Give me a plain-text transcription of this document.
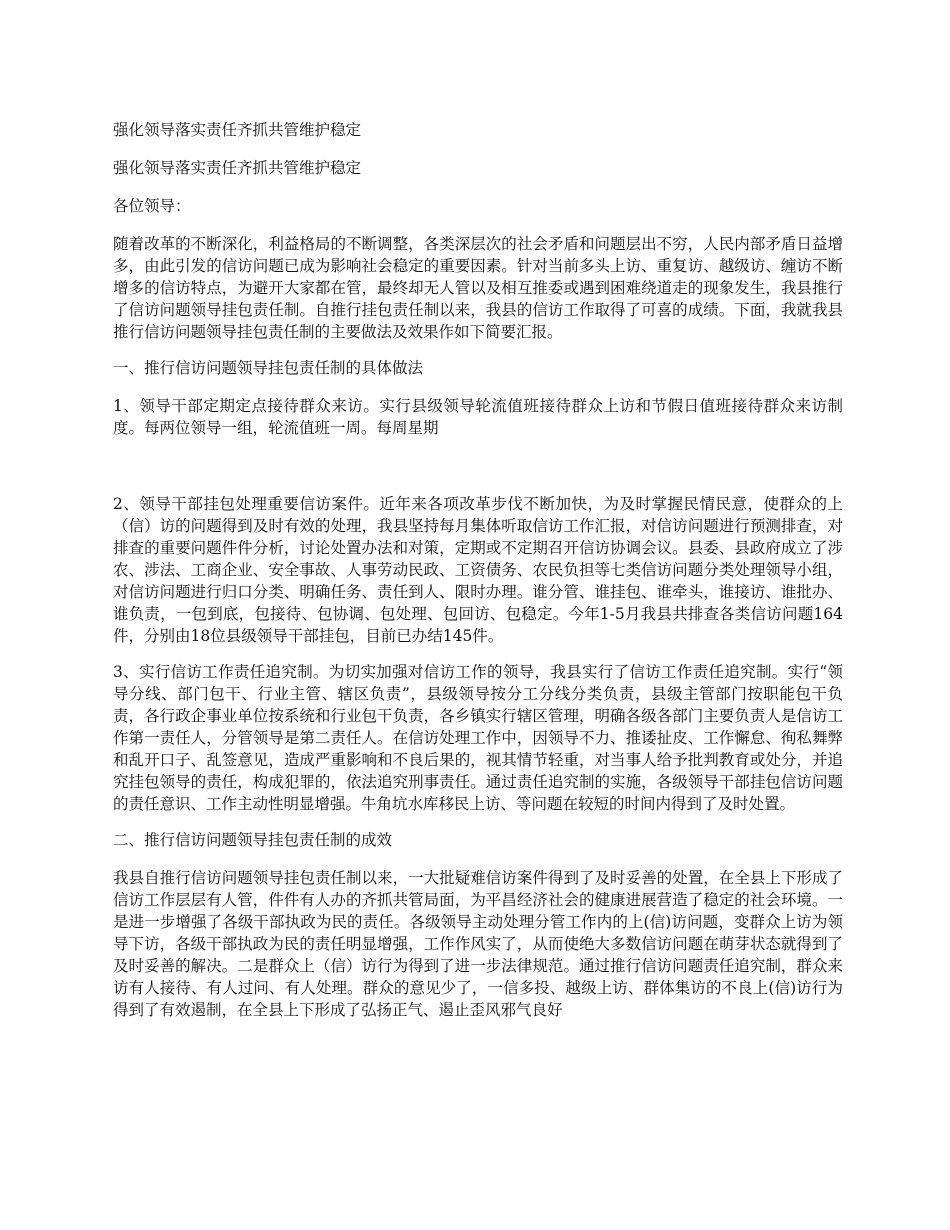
强化领导落实责任齐抓共管维护稳定

强化领导落实责任齐抓共管维护稳定

各位领导：

随着改革的不断深化，利益格局的不断调整，各类深层次的社会矛盾和问题层出不穷，人民内部矛盾日益增多，由此引发的信访问题已成为影响社会稳定的重要因素。针对当前多头上访、重复访、越级访、缠访不断增多的信访特点，为避开大家都在管，最终却无人管以及相互推委或遇到困难绕道走的现象发生，我县推行了信访问题领导挂包责任制。自推行挂包责任制以来，我县的信访工作取得了可喜的成绩。下面，我就我县推行信访问题领导挂包责任制的主要做法及效果作如下简要汇报。

一、推行信访问题领导挂包责任制的具体做法

1、领导干部定期定点接待群众来访。实行县级领导轮流值班接待群众上访和节假日值班接待群众来访制度。每两位领导一组，轮流值班一周。每周星期

2、领导干部挂包处理重要信访案件。近年来各项改革步伐不断加快，为及时掌握民情民意，使群众的上（信）访的问题得到及时有效的处理，我县坚持每月集体听取信访工作汇报，对信访问题进行预测排查，对排查的重要问题件件分析，讨论处置办法和对策，定期或不定期召开信访协调会议。县委、县政府成立了涉农、涉法、工商企业、安全事故、人事劳动民政、工资债务、农民负担等七类信访问题分类处理领导小组，对信访问题进行归口分类、明确任务、责任到人、限时办理。谁分管、谁挂包、谁牵头，谁接访、谁批办、谁负责，一包到底，包接待、包协调、包处理、包回访、包稳定。今年1-5月我县共排查各类信访问题164件，分别由18位县级领导干部挂包，目前已办结145件。

3、实行信访工作责任追究制。为切实加强对信访工作的领导，我县实行了信访工作责任追究制。实行“领导分线、部门包干、行业主管、辖区负责”，县级领导按分工分线分类负责，县级主管部门按职能包干负责，各行政企事业单位按系统和行业包干负责，各乡镇实行辖区管理，明确各级各部门主要负责人是信访工作第一责任人，分管领导是第二责任人。在信访处理工作中，因领导不力、推诿扯皮、工作懈怠、徇私舞弊和乱开口子、乱签意见，造成严重影响和不良后果的，视其情节轻重，对当事人给予批判教育或处分，并追究挂包领导的责任，构成犯罪的，依法追究刑事责任。通过责任追究制的实施，各级领导干部挂包信访问题的责任意识、工作主动性明显增强。牛角坑水库移民上访、等问题在较短的时间内得到了及时处置。

二、推行信访问题领导挂包责任制的成效

我县自推行信访问题领导挂包责任制以来，一大批疑难信访案件得到了及时妥善的处置，在全县上下形成了信访工作层层有人管，件件有人办的齐抓共管局面，为平昌经济社会的健康进展营造了稳定的社会环境。一是进一步增强了各级干部执政为民的责任。各级领导主动处理分管工作内的上(信)访问题，变群众上访为领导下访，各级干部执政为民的责任明显增强，工作作风实了，从而使绝大多数信访问题在萌芽状态就得到了及时妥善的解决。二是群众上（信）访行为得到了进一步法律规范。通过推行信访问题责任追究制，群众来访有人接待、有人过问、有人处理。群众的意见少了，一信多投、越级上访、群体集访的不良上(信)访行为得到了有效遏制，在全县上下形成了弘扬正气、遏止歪风邪气良好
